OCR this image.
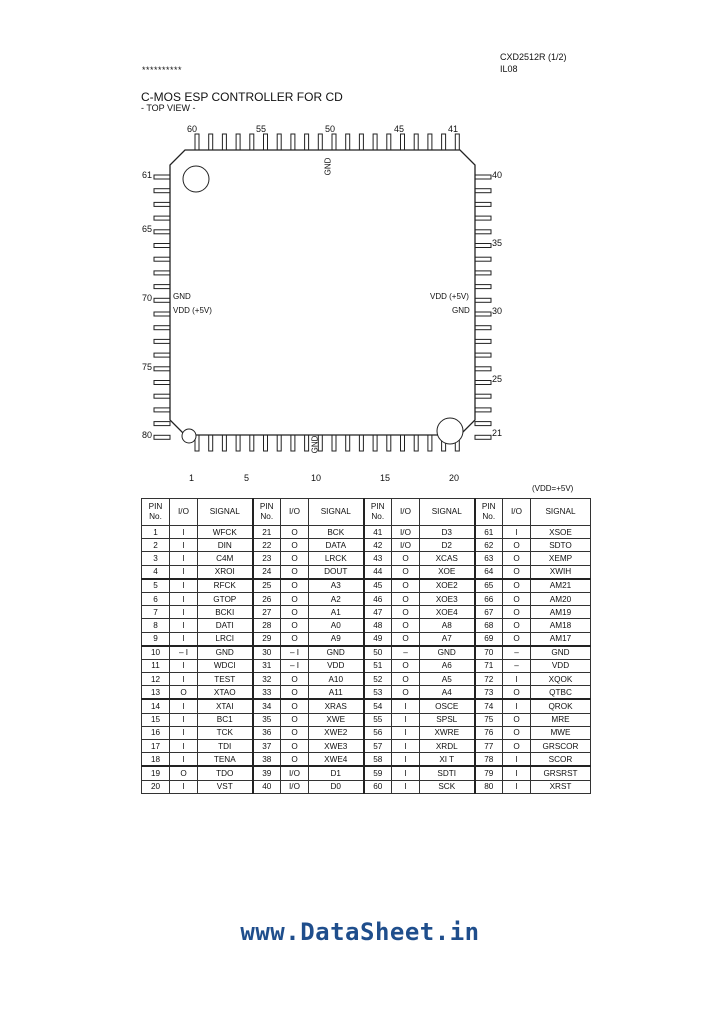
CXD2512R (1/2)
IL08
**********
C-MOS ESP CONTROLLER FOR CD
- TOP VIEW -
60	55	50	45	41
1	5	10	15	20
61
65
70
75
80
40
35
30
25
21
GND
GND
GND
VDD (+5V)
VDD (+5V)
GND
(VDD=+5V)
PIN No.	I/O	SIGNAL	PIN No.	I/O	SIGNAL	PIN No.	I/O	SIGNAL	PIN No.	I/O	SIGNAL
1	I	WFCK	21	O	BCK	41	I/O	D3	61	I	XSOE
2	I	DIN	22	O	DATA	42	I/O	D2	62	O	SDTO
3	I	C4M	23	O	LRCK	43	O	XCAS	63	O	XEMP
4	I	XROI	24	O	DOUT	44	O	XOE	64	O	XWIH
5	I	RFCK	25	O	A3	45	O	XOE2	65	O	AM21
6	I	GTOP	26	O	A2	46	O	XOE3	66	O	AM20
7	I	BCKI	27	O	A1	47	O	XOE4	67	O	AM19
8	I	DATI	28	O	A0	48	O	A8	68	O	AM18
9	I	LRCI	29	O	A9	49	O	A7	69	O	AM17
10	– I	GND	30	– I	GND	50	–	GND	70	–	GND
11	I	WDCI	31	– I	VDD	51	O	A6	71	–	VDD
12	I	TEST	32	O	A10	52	O	A5	72	I	XQOK
13	O	XTAO	33	O	A11	53	O	A4	73	O	QTBC
14	I	XTAI	34	O	XRAS	54	I	OSCE	74	I	QROK
15	I	BC1	35	O	XWE	55	I	SPSL	75	O	MRE
16	I	TCK	36	O	XWE2	56	I	XWRE	76	O	MWE
17	I	TDI	37	O	XWE3	57	I	XRDL	77	O	GRSCOR
18	I	TENA	38	O	XWE4	58	I	XI T	78	I	SCOR
19	O	TDO	39	I/O	D1	59	I	SDTI	79	I	GRSRST
20	I	VST	40	I/O	D0	60	I	SCK	80	I	XRST
www.DataSheet.in
